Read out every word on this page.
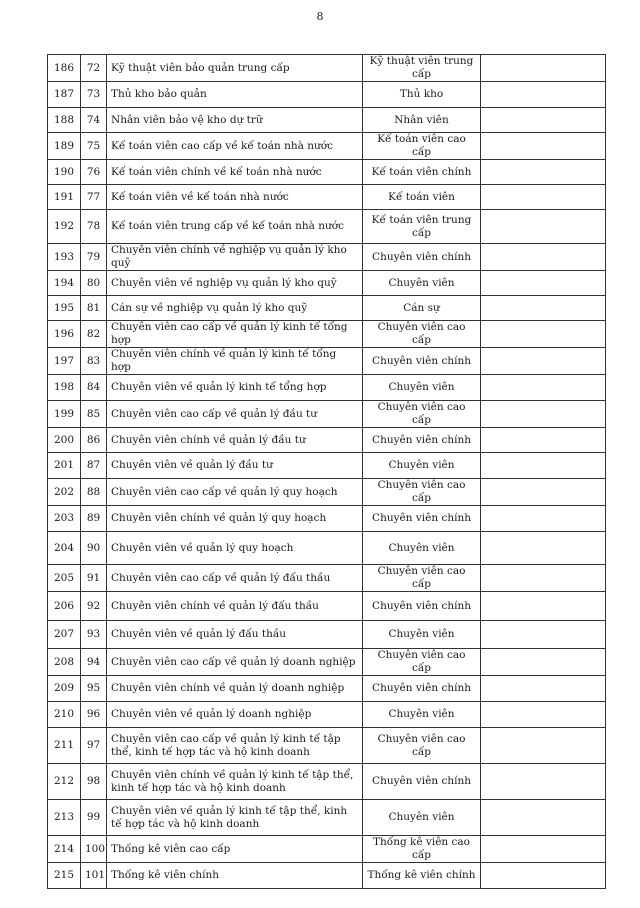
8
186	72	Kỹ thuật viên bảo quản trung cấp	Kỹ thuật viên trung cấp	
187	73	Thủ kho bảo quản	Thủ kho	
188	74	Nhân viên bảo vệ kho dự trữ	Nhân viên	
189	75	Kế toán viên cao cấp về kế toán nhà nước	Kế toán viên cao cấp	
190	76	Kế toán viên chính về kế toán nhà nước	Kế toán viên chính	
191	77	Kế toán viên về kế toán nhà nước	Kế toán viên	
192	78	Kế toán viên trung cấp về kế toán nhà nước	Kế toán viên trung cấp	
193	79	Chuyên viên chính về nghiệp vụ quản lý kho quỹ	Chuyên viên chính	
194	80	Chuyên viên về nghiệp vụ quản lý kho quỹ	Chuyên viên	
195	81	Cán sự về nghiệp vụ quản lý kho quỹ	Cán sự	
196	82	Chuyên viên cao cấp về quản lý kinh tế tổng hợp	Chuyên viên cao cấp	
197	83	Chuyên viên chính về quản lý kinh tế tổng hợp	Chuyên viên chính	
198	84	Chuyên viên về quản lý kinh tế tổng hợp	Chuyên viên	
199	85	Chuyên viên cao cấp về quản lý đầu tư	Chuyên viên cao cấp	
200	86	Chuyên viên chính về quản lý đầu tư	Chuyên viên chính	
201	87	Chuyên viên về quản lý đầu tư	Chuyên viên	
202	88	Chuyên viên cao cấp về quản lý quy hoạch	Chuyên viên cao cấp	
203	89	Chuyên viên chính về quản lý quy hoạch	Chuyên viên chính	
204	90	Chuyên viên về quản lý quy hoạch	Chuyên viên	
205	91	Chuyên viên cao cấp về quản lý đấu thầu	Chuyên viên cao cấp	
206	92	Chuyên viên chính về quản lý đấu thầu	Chuyên viên chính	
207	93	Chuyên viên về quản lý đấu thầu	Chuyên viên	
208	94	Chuyên viên cao cấp về quản lý doanh nghiệp	Chuyên viên cao cấp	
209	95	Chuyên viên chính về quản lý doanh nghiệp	Chuyên viên chính	
210	96	Chuyên viên về quản lý doanh nghiệp	Chuyên viên	
211	97	Chuyên viên cao cấp về quản lý kinh tế tập thể, kinh tế hợp tác và hộ kinh doanh	Chuyên viên cao cấp	
212	98	Chuyên viên chính về quản lý kinh tế tập thể, kinh tế hợp tác và hộ kinh doanh	Chuyên viên chính	
213	99	Chuyên viên về quản lý kinh tế tập thể, kinh tế hợp tác và hộ kinh doanh	Chuyên viên	
214	100	Thống kê viên cao cấp	Thống kê viên cao cấp	
215	101	Thống kê viên chính	Thống kê viên chính	
